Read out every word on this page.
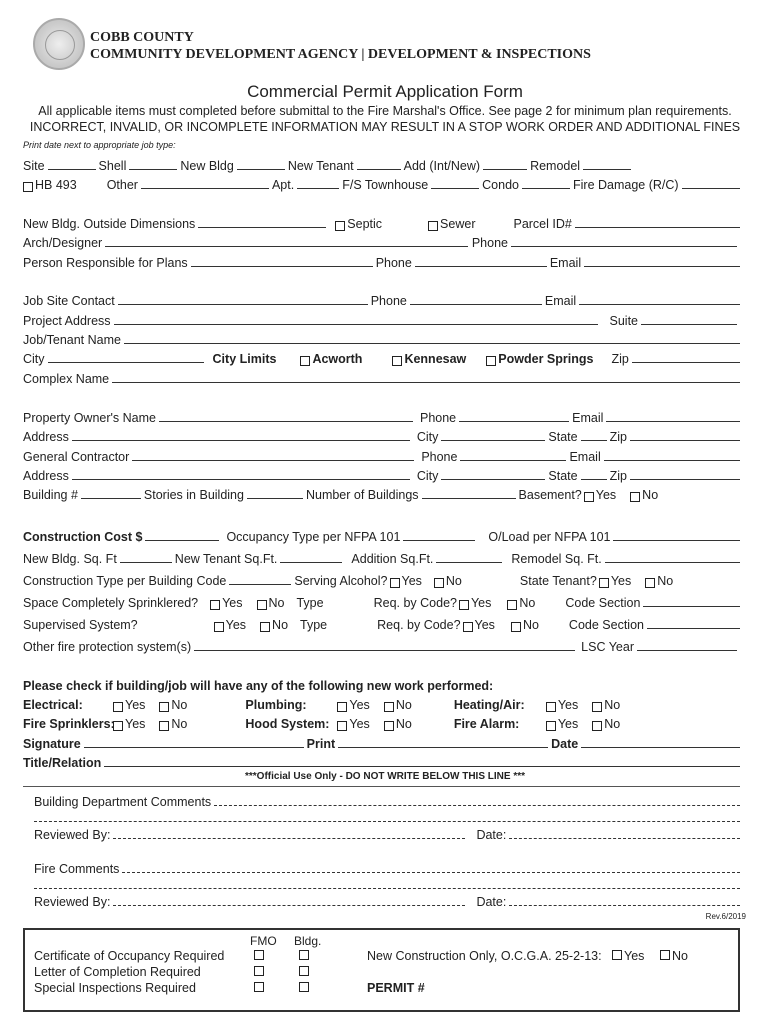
COBB COUNTY
COMMUNITY DEVELOPMENT AGENCY | DEVELOPMENT & INSPECTIONS
Commercial Permit Application Form
All applicable items must completed before submittal to the Fire Marshal's Office. See page 2 for minimum plan requirements.
INCORRECT, INVALID, OR INCOMPLETE INFORMATION MAY RESULT IN A STOP WORK ORDER AND ADDITIONAL FINES
Print date next to appropriate job type:
Site	Shell	New Bldg	New Tenant	Add (Int/New)	Remodel
HB 493 Other	Apt.	F/S Townhouse	Condo	Fire Damage (R/C)
New Bldg. Outside Dimensions	Septic	Sewer	Parcel ID#
Arch/Designer	Phone
Person Responsible for Plans	Phone	Email
Job Site Contact	Phone	Email
Project Address	Suite
Job/Tenant Name
City	City Limits	Acworth	Kennesaw	Powder Springs Zip
Complex Name
Property Owner's Name	Phone	Email
Address	City	State	Zip
General Contractor	Phone	Email
Address	City	State	Zip
Building #	Stories in Building	Number of Buildings	Basement? Yes No
Construction Cost $	Occupancy Type per NFPA 101	O/Load per NFPA 101
New Bldg. Sq. Ft	New Tenant Sq.Ft.	Addition Sq.Ft.	Remodel Sq. Ft.
Construction Type per Building Code	Serving Alcohol? Yes No	State Tenant? Yes No
Space Completely Sprinklered? Yes No Type	Req. by Code? Yes No Code Section
Supervised System?	Yes No Type	Req. by Code? Yes No Code Section
Other fire protection system(s)	LSC Year
Please check if building/job will have any of the following new work performed:
Electrical:	Yes No	Plumbing:	Yes No	Heating/Air:	Yes No
Fire Sprinklers: Yes No	Hood System:	Yes No	Fire Alarm:	Yes No
Signature	Print	Date
Title/Relation
***Official Use Only - DO NOT WRITE BELOW THIS LINE ***
Building Department Comments
Reviewed By:	Date:
Fire Comments
Reviewed By:	Date:
Rev.6/2019
FMO Bldg.
Certificate of Occupancy Required
Letter of Completion Required
Special Inspections Required
New Construction Only, O.C.G.A. 25-2-13: Yes No
PERMIT #
